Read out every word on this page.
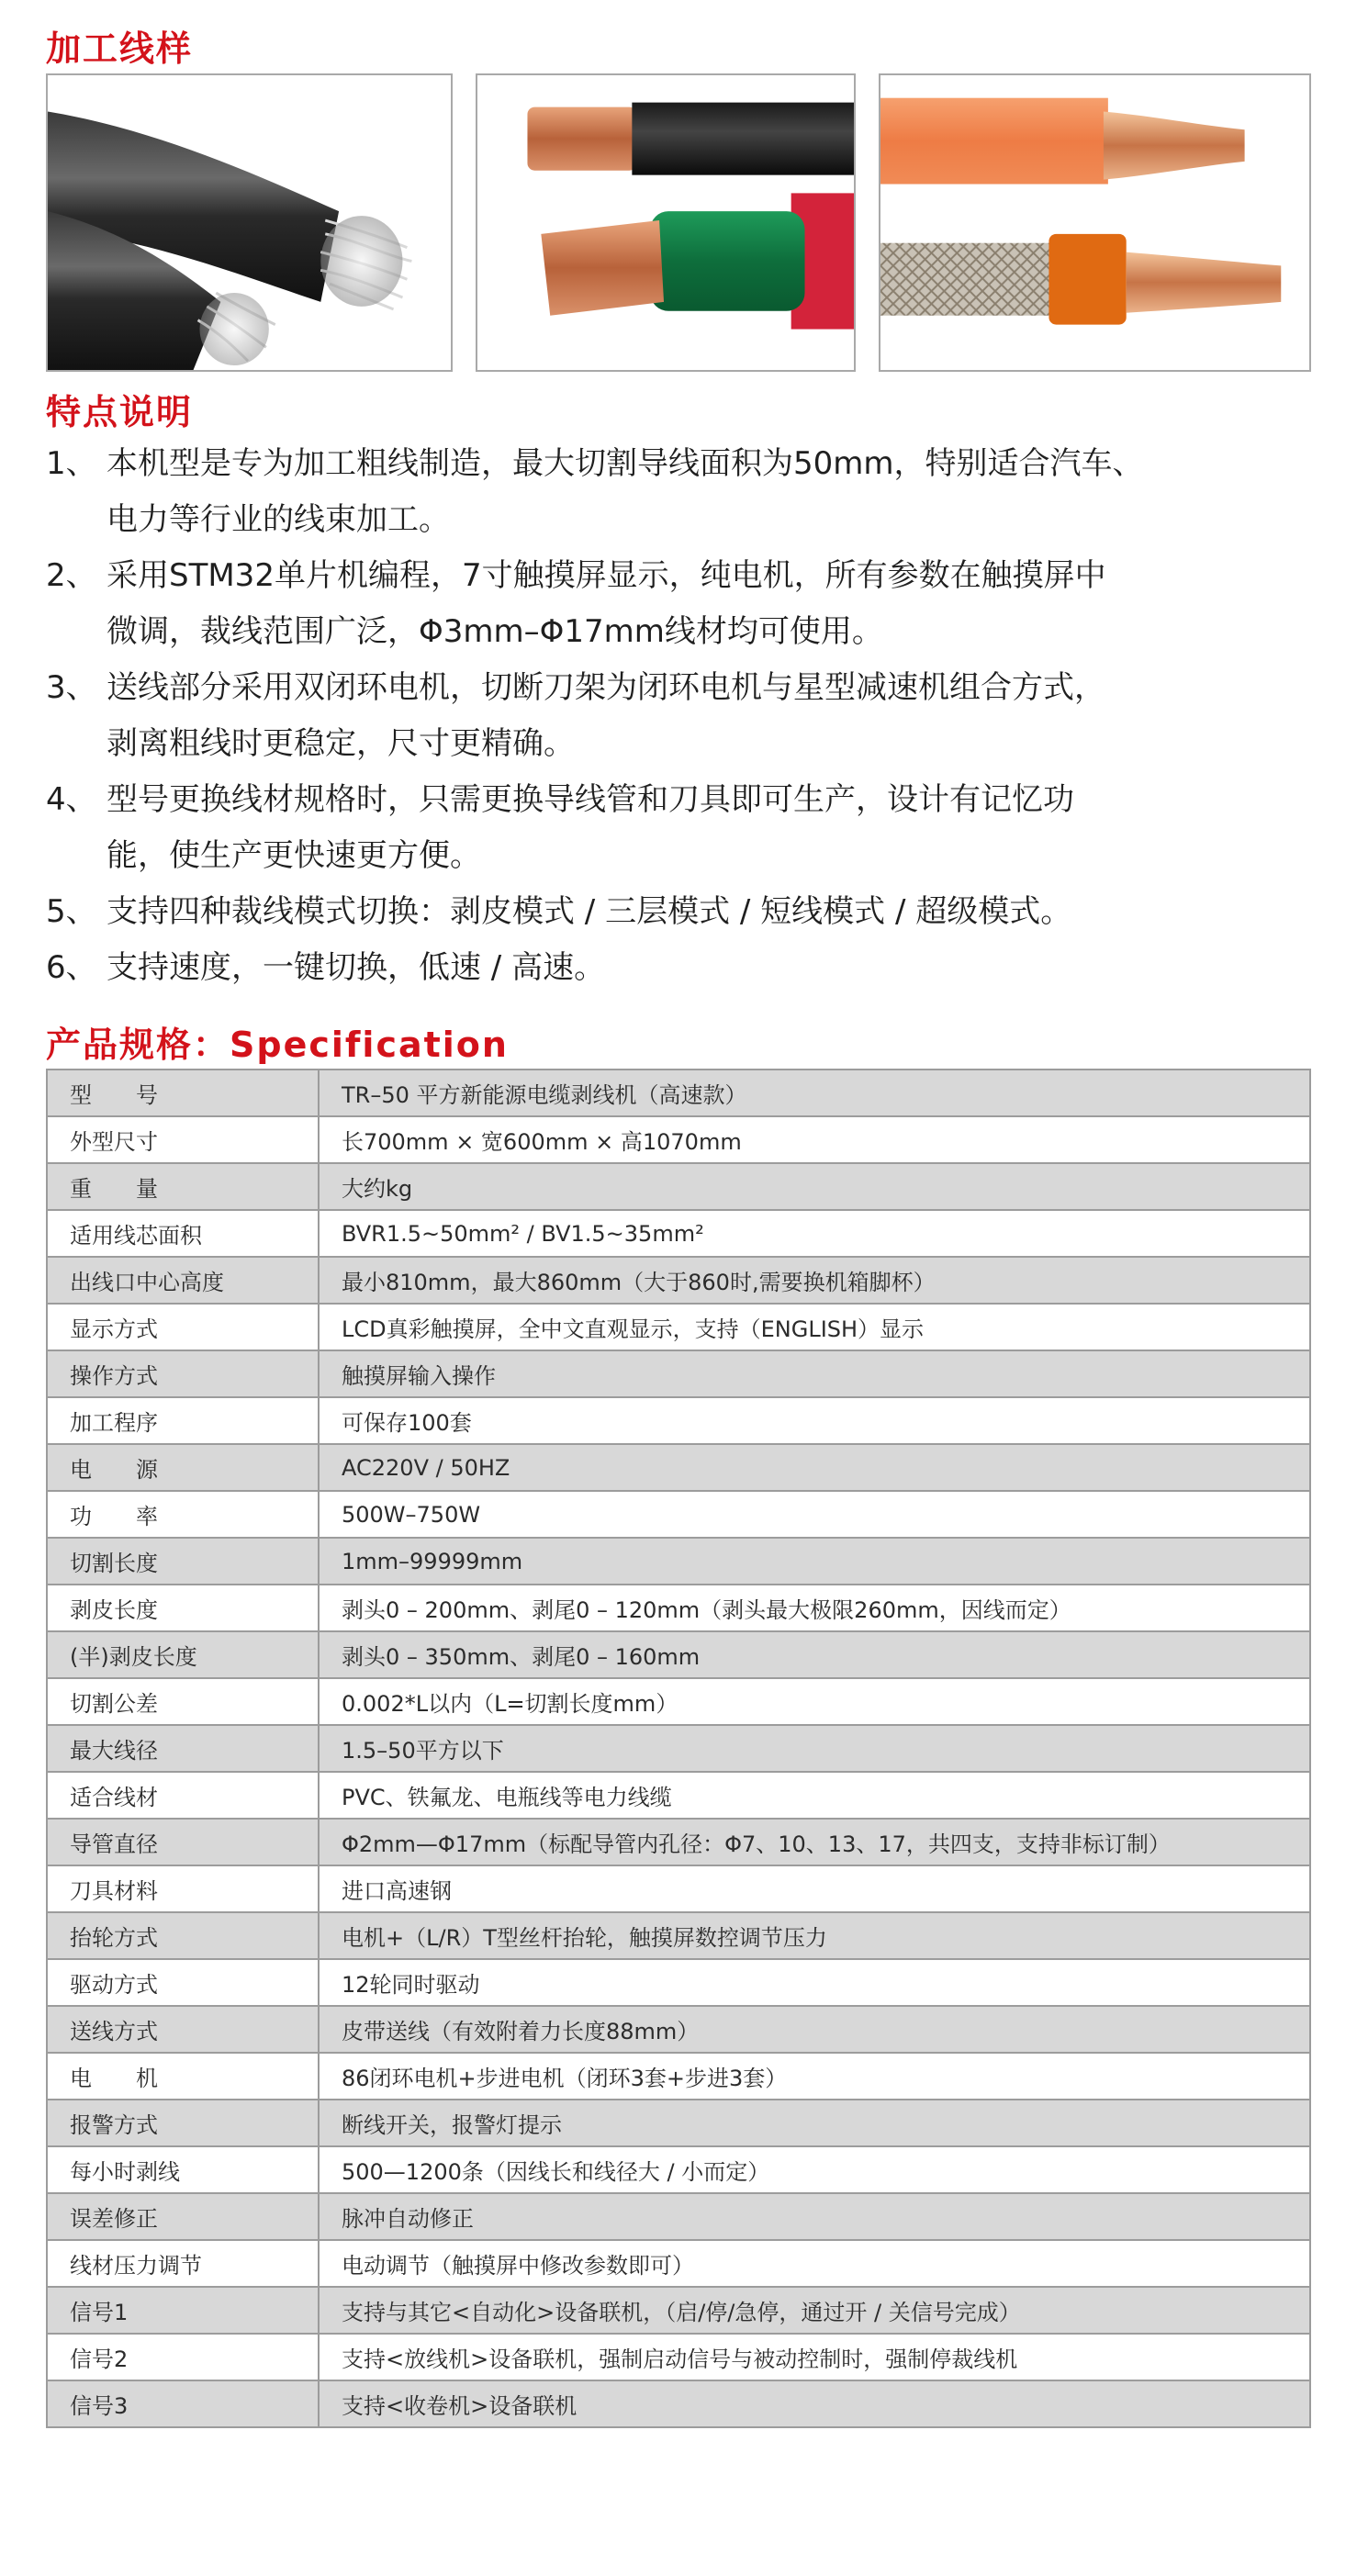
加工线样
特点说明
1、 本机型是专为加工粗线制造，最大切割导线面积为50mm，特别适合汽车、
电力等行业的线束加工。
2、 采用STM32单片机编程，7寸触摸屏显示，纯电机，所有参数在触摸屏中
微调，裁线范围广泛，Φ3mm–Φ17mm线材均可使用。
3、 送线部分采用双闭环电机，切断刀架为闭环电机与星型减速机组合方式，
剥离粗线时更稳定，尺寸更精确。
4、 型号更换线材规格时，只需更换导线管和刀具即可生产，设计有记忆功
能，使生产更快速更方便。
5、 支持四种裁线模式切换：剥皮模式 / 三层模式 / 短线模式 / 超级模式。
6、 支持速度，一键切换，低速 / 高速。
产品规格：Specification
型　　号	TR–50 平方新能源电缆剥线机（高速款）
外型尺寸	长700mm × 宽600mm × 高1070mm
重　　量	大约kg
适用线芯面积	BVR1.5~50mm² / BV1.5~35mm²
出线口中心高度	最小810mm，最大860mm（大于860时,需要换机箱脚杯）
显示方式	LCD真彩触摸屏，全中文直观显示，支持（ENGLISH）显示
操作方式	触摸屏输入操作
加工程序	可保存100套
电　　源	AC220V / 50HZ
功　　率	500W–750W
切割长度	1mm–99999mm
剥皮长度	剥头0 – 200mm、剥尾0 – 120mm（剥头最大极限260mm，因线而定）
(半)剥皮长度	剥头0 – 350mm、剥尾0 – 160mm
切割公差	0.002*L以内（L=切割长度mm）
最大线径	1.5–50平方以下
适合线材	PVC、铁氟龙、电瓶线等电力线缆
导管直径	Φ2mm—Φ17mm（标配导管内孔径：Φ7、10、13、17，共四支，支持非标订制）
刀具材料	进口高速钢
抬轮方式	电机+（L/R）T型丝杆抬轮，触摸屏数控调节压力
驱动方式	12轮同时驱动
送线方式	皮带送线（有效附着力长度88mm）
电　　机	86闭环电机+步进电机（闭环3套+步进3套）
报警方式	断线开关，报警灯提示
每小时剥线	500—1200条（因线长和线径大 / 小而定）
误差修正	脉冲自动修正
线材压力调节	电动调节（触摸屏中修改参数即可）
信号1	支持与其它<自动化>设备联机，（启/停/急停，通过开 / 关信号完成）
信号2	支持<放线机>设备联机，强制启动信号与被动控制时，强制停裁线机
信号3	支持<收卷机>设备联机
